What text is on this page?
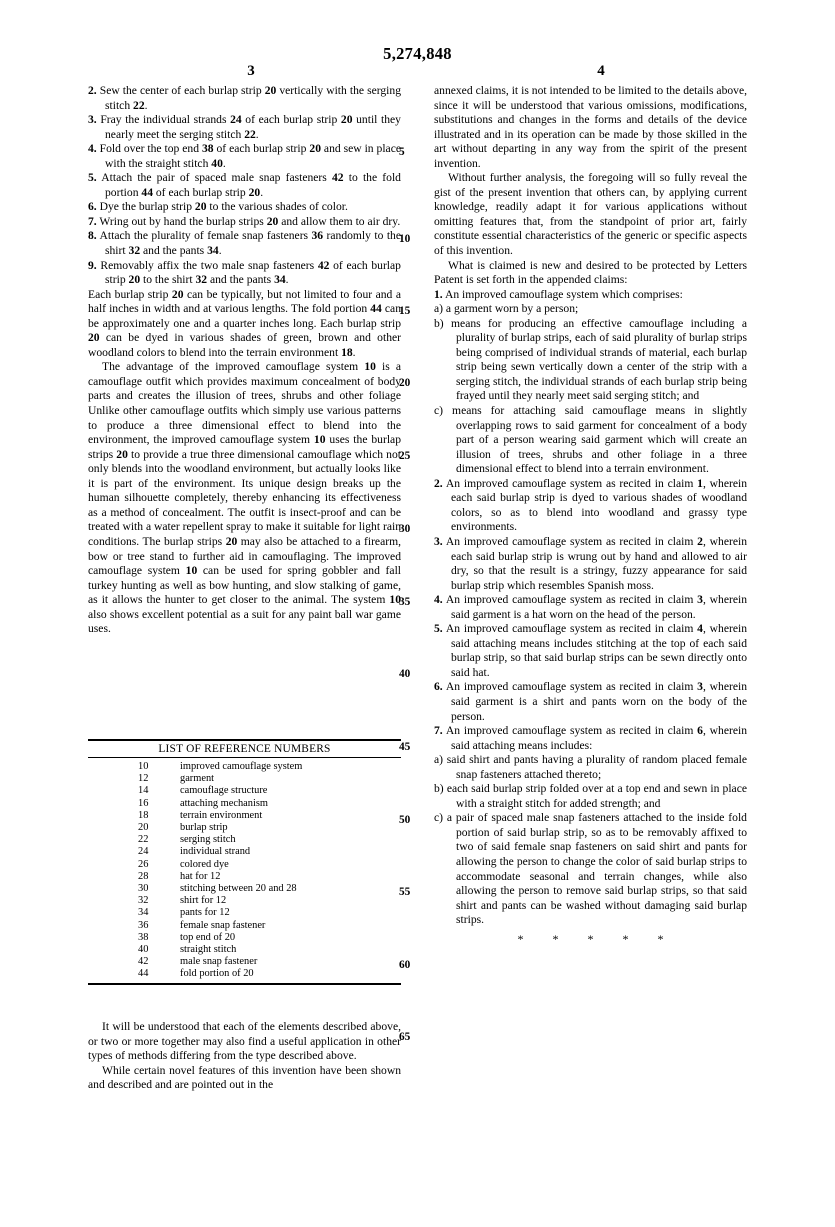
5,274,848
3	4
2. Sew the center of each burlap strip 20 vertically with the serging stitch 22.
3. Fray the individual strands 24 of each burlap strip 20 until they nearly meet the serging stitch 22.
4. Fold over the top end 38 of each burlap strip 20 and sew in place with the straight stitch 40.
5. Attach the pair of spaced male snap fasteners 42 to the fold portion 44 of each burlap strip 20.
6. Dye the burlap strip 20 to the various shades of color.
7. Wring out by hand the burlap strips 20 and allow them to air dry.
8. Attach the plurality of female snap fasteners 36 randomly to the shirt 32 and the pants 34.
9. Removably affix the two male snap fasteners 42 of each burlap strip 20 to the shirt 32 and the pants 34.

Each burlap strip 20 can be typically, but not limited to four and a half inches in width and at various lengths. The fold portion 44 can be approximately one and a quarter inches long. Each burlap strip 20 can be dyed in various shades of green, brown and other woodland colors to blend into the terrain environment 18.

The advantage of the improved camouflage system 10 is a camouflage outfit which provides maximum concealment of body parts and creates the illusion of trees, shrubs and other foliage Unlike other camouflage outfits which simply use various patterns to produce a three dimensional effect to blend into the environment, the improved camouflage system 10 uses the burlap strips 20 to provide a true three dimensional camouflage which not only blends into the woodland environment, but actually looks like it is part of the environment. Its unique design breaks up the human silhouette completely, thereby enhancing its effectiveness as a method of concealment. The outfit is insect-proof and can be treated with a water repellent spray to make it suitable for light rain conditions. The burlap strips 20 may also be attached to a firearm, bow or tree stand to further aid in camouflaging. The improved camouflage system 10 can be used for spring gobbler and fall turkey hunting as well as bow hunting, and slow stalking of game, as it allows the hunter to get closer to the animal. The system 10 also shows excellent potential as a suit for any paint ball war game uses.

LIST OF REFERENCE NUMBERS
10	improved camouflage system
12	garment
14	camouflage structure
16	attaching mechanism
18	terrain environment
20	burlap strip
22	serging stitch
24	individual strand
26	colored dye
28	hat for 12
30	stitching between 20 and 28
32	shirt for 12
34	pants for 12
36	female snap fastener
38	top end of 20
40	straight stitch
42	male snap fastener
44	fold portion of 20

It will be understood that each of the elements described above, or two or more together may also find a useful application in other types of methods differing from the type described above.

While certain novel features of this invention have been shown and described and are pointed out in the

annexed claims, it is not intended to be limited to the details above, since it will be understood that various omissions, modifications, substitutions and changes in the forms and details of the device illustrated and in its operation can be made by those skilled in the art without departing in any way from the spirit of the present invention.

Without further analysis, the foregoing will so fully reveal the gist of the present invention that others can, by applying current knowledge, readily adapt it for various applications without omitting features that, from the standpoint of prior art, fairly constitute essential characteristics of the generic or specific aspects of this invention.

What is claimed is new and desired to be protected by Letters Patent is set forth in the appended claims:

1. An improved camouflage system which comprises:
a) a garment worn by a person;
b) means for producing an effective camouflage including a plurality of burlap strips, each of said plurality of burlap strips being comprised of individual strands of material, each burlap strip being sewn vertically down a center of the strip with a serging stitch, the individual strands of each burlap strip being frayed until they nearly meet said serging stitch; and
c) means for attaching said camouflage means in slightly overlapping rows to said garment for concealment of a body part of a person wearing said garment which will create an illusion of trees, shrubs and other foliage in a three dimensional effect to blend into a terrain environment.
2. An improved camouflage system as recited in claim 1, wherein each said burlap strip is dyed to various shades of woodland colors, so as to blend into woodland and grassy type environments.
3. An improved camouflage system as recited in claim 2, wherein each said burlap strip is wrung out by hand and allowed to air dry, so that the result is a stringy, fuzzy appearance for said burlap strip which resembles Spanish moss.
4. An improved camouflage system as recited in claim 3, wherein said garment is a hat worn on the head of the person.
5. An improved camouflage system as recited in claim 4, wherein said attaching means includes stitching at the top of each said burlap strip, so that said burlap strips can be sewn directly onto said hat.
6. An improved camouflage system as recited in claim 3, wherein said garment is a shirt and pants worn on the body of the person.
7. An improved camouflage system as recited in claim 6, wherein said attaching means includes:
a) said shirt and pants having a plurality of random placed female snap fasteners attached thereto;
b) each said burlap strip folded over at a top end and sewn in place with a straight stitch for added strength; and
c) a pair of spaced male snap fasteners attached to the inside fold portion of said burlap strip, so as to be removably affixed to two of said female snap fasteners on said shirt and pants for allowing the person to change the color of said burlap strips to accommodate seasonal and terrain changes, while also allowing the person to remove said burlap strips, so that said shirt and pants can be washed without damaging said burlap strips.
* * * * *
5
10
15
20
25
30
35
40
45
50
55
60
65
